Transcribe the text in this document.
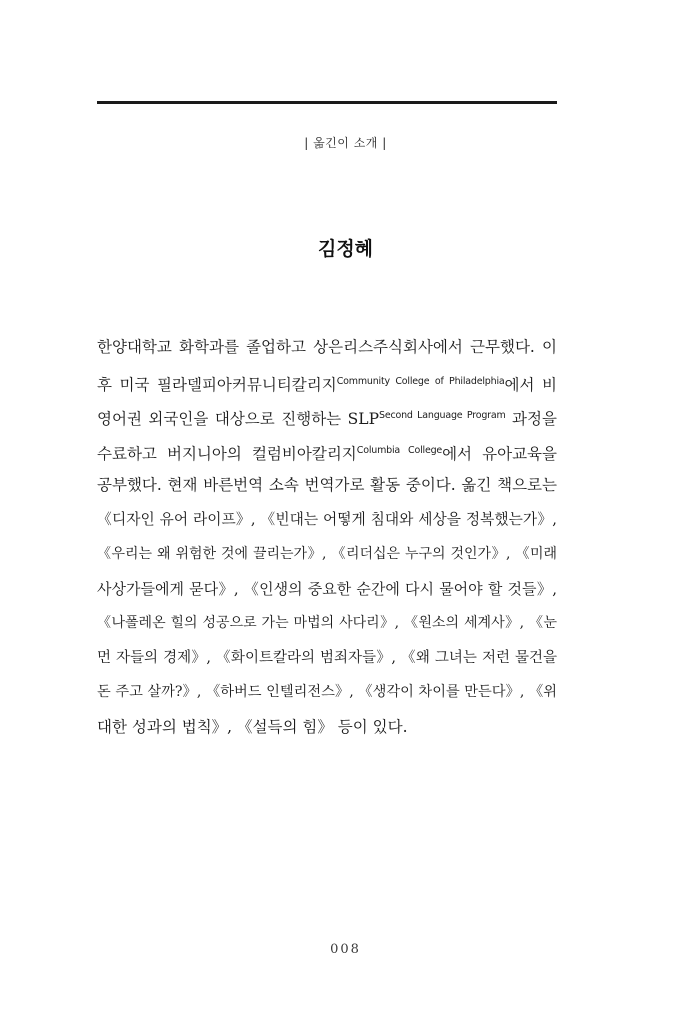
| 옮긴이 소개 |
김정혜
한양대학교 화학과를 졸업하고 상은리스주식회사에서 근무했다. 이
후 미국 필라델피아커뮤니티칼리지$^{Community College of Philadelphia}$에서 비
영어권 외국인을 대상으로 진행하는 $SLP^{Second Language Program}$ 과정을
수료하고 버지니아의 컬럼비아칼리지$^{Columbia College}$에서 유아교육을
공부했다. 현재 바른번역 소속 번역가로 활동 중이다. 옮긴 책으로는
《디자인 유어 라이프》, 《빈대는 어떻게 침대와 세상을 정복했는가》,
《우리는 왜 위험한 것에 끌리는가》, 《리더십은 누구의 것인가》, 《미래
사상가들에게 묻다》, 《인생의 중요한 순간에 다시 물어야 할 것들》,
《나폴레온 힐의 성공으로 가는 마법의 사다리》, 《원소의 세계사》, 《눈
먼 자들의 경제》, 《화이트칼라의 범죄자들》, 《왜 그녀는 저런 물건을
돈 주고 살까?》, 《하버드 인텔리전스》, 《생각이 차이를 만든다》, 《위
대한 성과의 법칙》, 《설득의 힘》 등이 있다.
008
